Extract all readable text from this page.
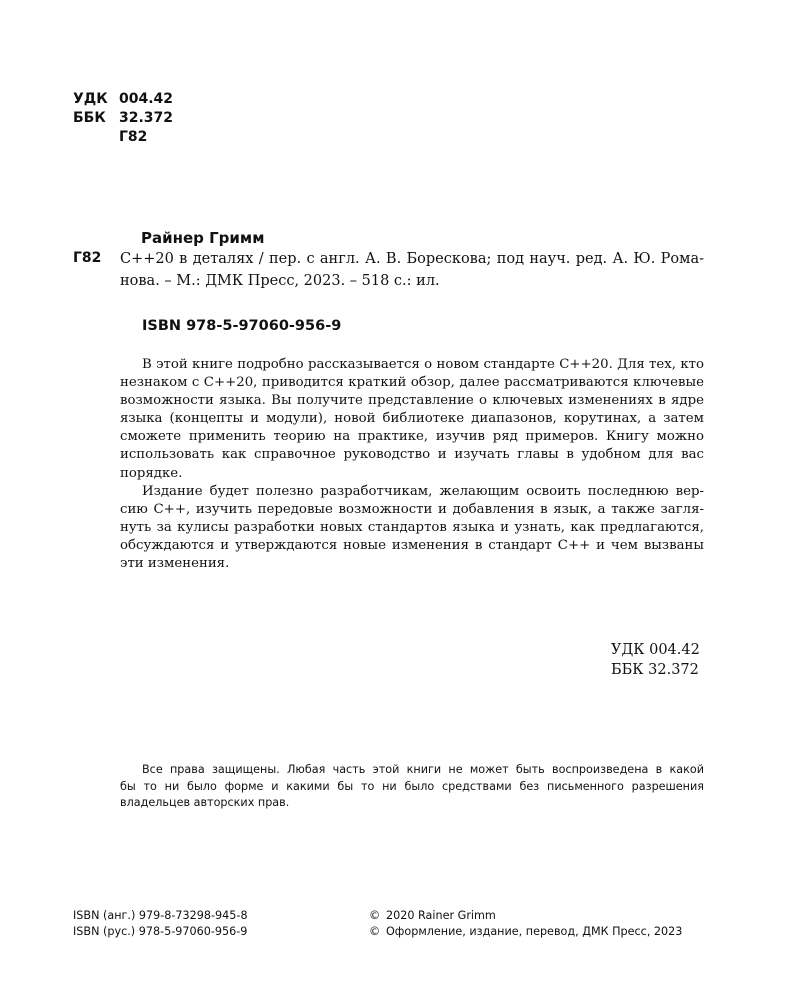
УДК 004.42
ББК 32.372
Г82
Райнер Гримм
Г82 С++20 в деталях / пер. с англ. А. В. Борескова; под науч. ред. А. Ю. Рома-
нова. – М.: ДМК Пресс, 2023. – 518 с.: ил.
ISBN 978-5-97060-956-9
В этой книге подробно рассказывается о новом стандарте С++20. Для тех, кто
незнаком с С++20, приводится краткий обзор, далее рассматриваются ключевые
возможности языка. Вы получите представление о ключевых изменениях в ядре
языка (концепты и модули), новой библиотеке диапазонов, корутинах, а затем
сможете применить теорию на практике, изучив ряд примеров. Книгу можно
использовать как справочное руководство и изучать главы в удобном для вас
порядке.
Издание будет полезно разработчикам, желающим освоить последнюю вер-
сию С++, изучить передовые возможности и добавления в язык, а также загля-
нуть за кулисы разработки новых стандартов языка и узнать, как предлагаются,
обсуждаются и утверждаются новые изменения в стандарт С++ и чем вызваны
эти изменения.
УДК 004.42
ББК 32.372
Все права защищены. Любая часть этой книги не может быть воспроизведена в какой
бы то ни было форме и какими бы то ни было средствами без письменного разрешения
владельцев авторских прав.
ISBN (анг.) 979-8-73298-945-8
ISBN (рус.) 978-5-97060-956-9
© 2020 Rainer Grimm
© Оформление, издание, перевод, ДМК Пресс, 2023
